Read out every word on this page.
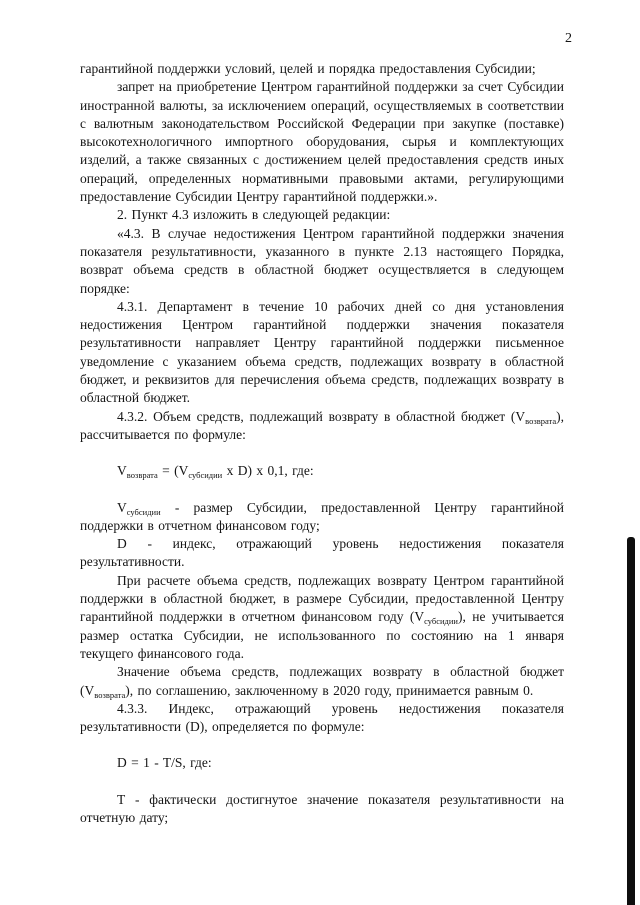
2

гарантийной поддержки условий, целей и порядка предоставления Субсидии;

запрет на приобретение Центром гарантийной поддержки за счет Субсидии иностранной валюты, за исключением операций, осуществляемых в соответствии с валютным законодательством Российской Федерации при закупке (поставке) высокотехнологичного импортного оборудования, сырья и комплектующих изделий, а также связанных с достижением целей предоставления средств иных операций, определенных нормативными правовыми актами, регулирующими предоставление Субсидии Центру гарантийной поддержки.».

2. Пункт 4.3 изложить в следующей редакции:

«4.3. В случае недостижения Центром гарантийной поддержки значения показателя результативности, указанного в пункте 2.13 настоящего Порядка, возврат объема средств в областной бюджет осуществляется в следующем порядке:

4.3.1. Департамент в течение 10 рабочих дней со дня установления недостижения Центром гарантийной поддержки значения показателя результативности направляет Центру гарантийной поддержки письменное уведомление с указанием объема средств, подлежащих возврату в областной бюджет, и реквизитов для перечисления объема средств, подлежащих возврату в областной бюджет.

4.3.2. Объем средств, подлежащий возврату в областной бюджет $(V_{возврата})$, рассчитывается по формуле:

$V_{возврата} = (V_{субсидии}$ x D) x 0,1, где:

$V_{субсидии}$ - размер Субсидии, предоставленной Центру гарантийной поддержки в отчетном финансовом году;

D - индекс, отражающий уровень недостижения показателя результативности.

При расчете объема средств, подлежащих возврату Центром гарантийной поддержки в областной бюджет, в размере Субсидии, предоставленной Центру гарантийной поддержки в отчетном финансовом году $(V_{субсидии})$, не учитывается размер остатка Субсидии, не использованного по состоянию на 1 января текущего финансового года.

Значение объема средств, подлежащих возврату в областной бюджет $(V_{возврата})$, по соглашению, заключенному в 2020 году, принимается равным 0.

4.3.3. Индекс, отражающий уровень недостижения показателя результативности (D), определяется по формуле:

D = 1 - T/S, где:

Т - фактически достигнутое значение показателя результативности на отчетную дату;
